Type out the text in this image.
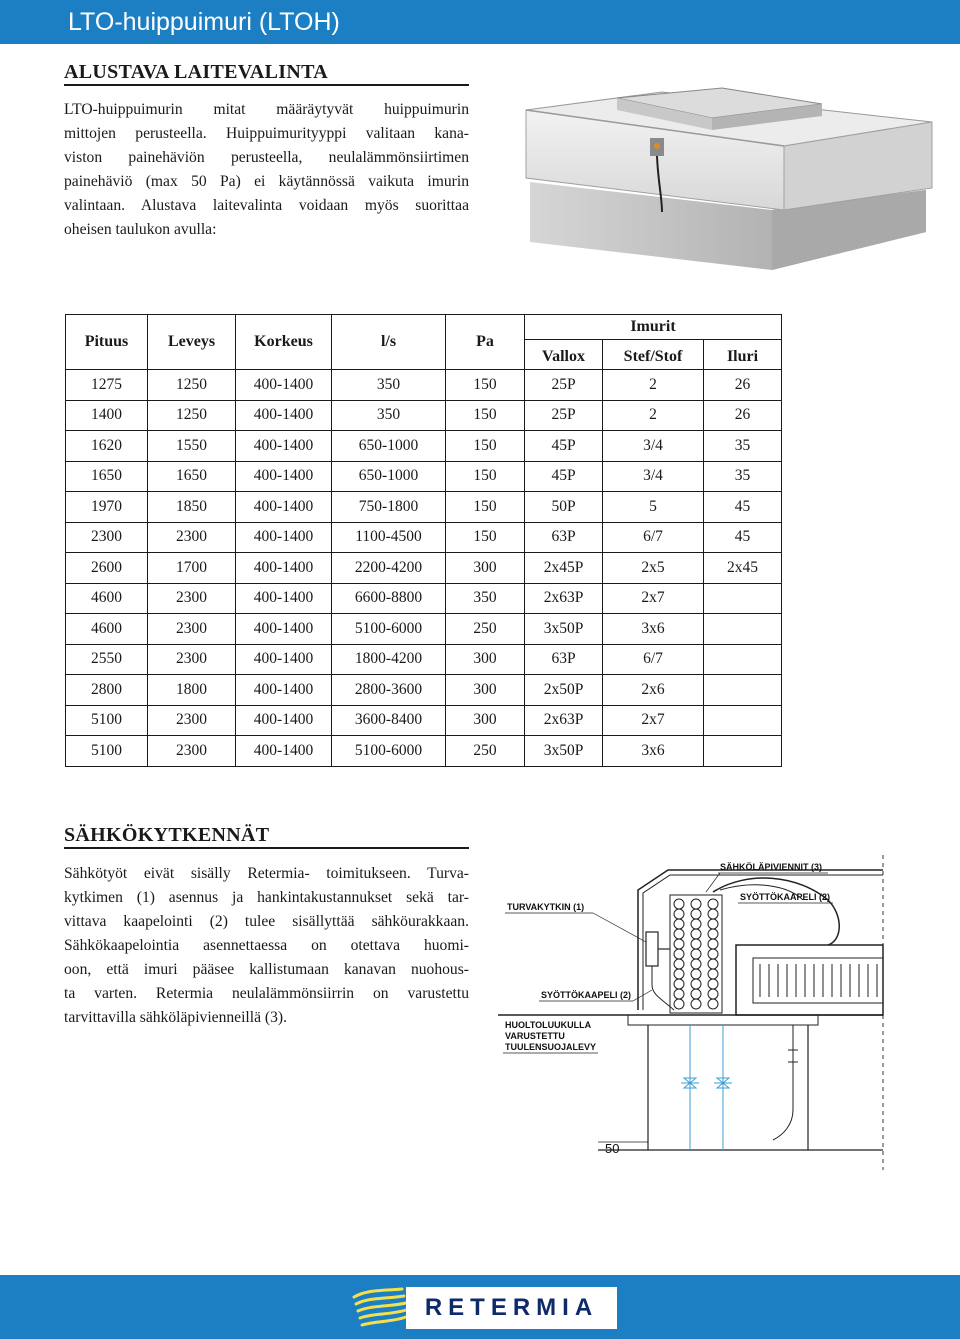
LTO-huippuimuri (LTOH)
ALUSTAVA LAITEVALINTA
LTO-huippuimurin mitat määräytyvät huippuimurin
mittojen perusteella. Huippuimurityyppi valitaan kana-
viston painehäviön perusteella, neulalämmönsiirtimen
painehäviö (max 50 Pa) ei käytännössä vaikuta imurin
valintaan. Alustava laitevalinta voidaan myös suorittaa
oheisen taulukon avulla:
Pituus	Leveys	Korkeus	l/s	Pa	Imurit		
					Vallox	Stef/Stof	Iluri
1275	1250	400-1400	350	150	25P	2	26
1400	1250	400-1400	350	150	25P	2	26
1620	1550	400-1400	650-1000	150	45P	3/4	35
1650	1650	400-1400	650-1000	150	45P	3/4	35
1970	1850	400-1400	750-1800	150	50P	5	45
2300	2300	400-1400	1100-4500	150	63P	6/7	45
2600	1700	400-1400	2200-4200	300	2x45P	2x5	2x45
4600	2300	400-1400	6600-8800	350	2x63P	2x7	
4600	2300	400-1400	5100-6000	250	3x50P	3x6	
2550	2300	400-1400	1800-4200	300	63P	6/7	
2800	1800	400-1400	2800-3600	300	2x50P	2x6	
5100	2300	400-1400	3600-8400	300	2x63P	2x7	
5100	2300	400-1400	5100-6000	250	3x50P	3x6	
SÄHKÖKYTKENNÄT
Sähkötyöt eivät sisälly Retermia- toimitukseen. Turva-
kytkimen (1) asennus ja hankintakustannukset sekä tar-
vittava kaapelointi (2) tulee sisällyttää sähköurakkaan.
Sähkökaapelointia asennettaessa on otettava huomi-
oon, että imuri pääsee kallistumaan kanavan nuohous-
ta varten. Retermia neulalämmönsiirrin on varustettu
tarvittavilla sähköläpivienneillä (3).
SÄHKÖLÄPIVIENNIT (3)
SYÖTTÖKAAPELI (2)
TURVAKYTKIN (1)
SYÖTTÖKAAPELI (2)
HUOLTOLUUKULLA
VARUSTETTU
TUULENSUOJALEVY
50
RETERMIA
